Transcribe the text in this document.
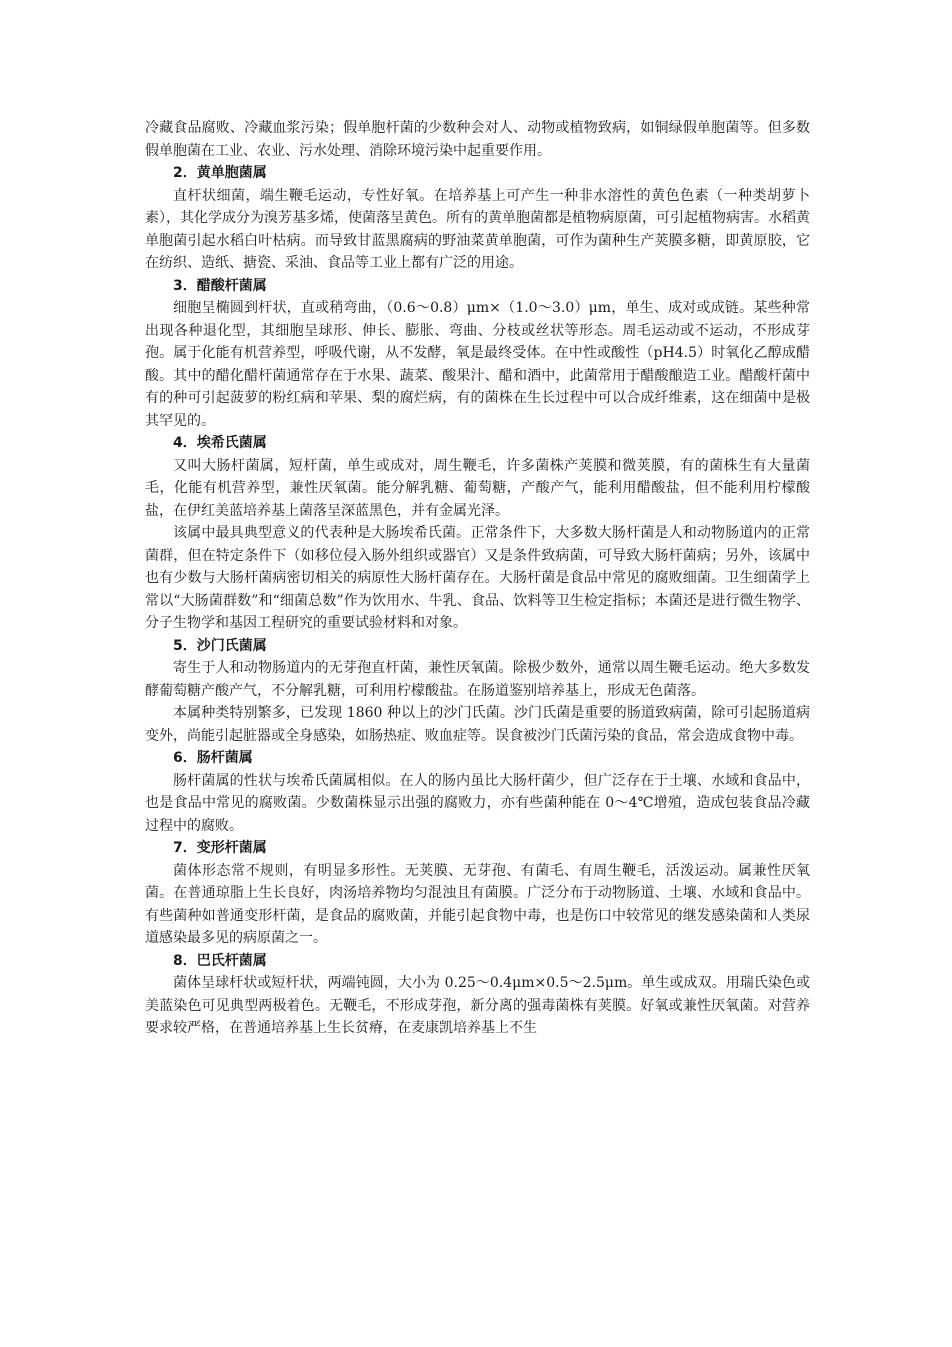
冷藏食品腐败、冷藏血浆污染；假单胞杆菌的少数种会对人、动物或植物致病，如铜绿假单胞菌等。但多数假单胞菌在工业、农业、污水处理、消除环境污染中起重要作用。

2．黄单胞菌属

直杆状细菌，端生鞭毛运动，专性好氧。在培养基上可产生一种非水溶性的黄色色素（一种类胡萝卜素），其化学成分为溴芳基多烯，使菌落呈黄色。所有的黄单胞菌都是植物病原菌，可引起植物病害。水稻黄单胞菌引起水稻白叶枯病。而导致甘蓝黑腐病的野油菜黄单胞菌，可作为菌种生产荚膜多糖，即黄原胶，它在纺织、造纸、搪瓷、采油、食品等工业上都有广泛的用途。

3．醋酸杆菌属

细胞呈椭圆到杆状，直或稍弯曲，（0.6～0.8）μm×（1.0～3.0）μm，单生、成对或成链。某些种常出现各种退化型，其细胞呈球形、伸长、膨胀、弯曲、分枝或丝状等形态。周毛运动或不运动，不形成芽孢。属于化能有机营养型，呼吸代谢，从不发酵，氧是最终受体。在中性或酸性（pH4.5）时氧化乙醇成醋酸。其中的醋化醋杆菌通常存在于水果、蔬菜、酸果汁、醋和酒中，此菌常用于醋酸酿造工业。醋酸杆菌中有的种可引起菠萝的粉红病和苹果、梨的腐烂病，有的菌株在生长过程中可以合成纤维素，这在细菌中是极其罕见的。

4．埃希氏菌属

又叫大肠杆菌属，短杆菌，单生或成对，周生鞭毛，许多菌株产荚膜和微荚膜，有的菌株生有大量菌毛，化能有机营养型，兼性厌氧菌。能分解乳糖、葡萄糖，产酸产气，能利用醋酸盐，但不能利用柠檬酸盐，在伊红美蓝培养基上菌落呈深蓝黑色，并有金属光泽。

该属中最具典型意义的代表种是大肠埃希氏菌。正常条件下，大多数大肠杆菌是人和动物肠道内的正常菌群，但在特定条件下（如移位侵入肠外组织或器官）又是条件致病菌，可导致大肠杆菌病；另外，该属中也有少数与大肠杆菌病密切相关的病原性大肠杆菌存在。大肠杆菌是食品中常见的腐败细菌。卫生细菌学上常以“大肠菌群数”和“细菌总数”作为饮用水、牛乳、食品、饮料等卫生检定指标；本菌还是进行微生物学、分子生物学和基因工程研究的重要试验材料和对象。

5．沙门氏菌属

寄生于人和动物肠道内的无芽孢直杆菌，兼性厌氧菌。除极少数外，通常以周生鞭毛运动。绝大多数发酵葡萄糖产酸产气，不分解乳糖，可利用柠檬酸盐。在肠道鉴别培养基上，形成无色菌落。

本属种类特别繁多，已发现 1860 种以上的沙门氏菌。沙门氏菌是重要的肠道致病菌，除可引起肠道病变外，尚能引起脏器或全身感染，如肠热症、败血症等。误食被沙门氏菌污染的食品，常会造成食物中毒。

6．肠杆菌属

肠杆菌属的性状与埃希氏菌属相似。在人的肠内虽比大肠杆菌少，但广泛存在于土壤、水域和食品中，也是食品中常见的腐败菌。少数菌株显示出强的腐败力，亦有些菌种能在 0～4℃增殖，造成包装食品冷藏过程中的腐败。

7．变形杆菌属

菌体形态常不规则，有明显多形性。无荚膜、无芽孢、有菌毛、有周生鞭毛，活泼运动。属兼性厌氧菌。在普通琼脂上生长良好，肉汤培养物均匀混浊且有菌膜。广泛分布于动物肠道、土壤、水域和食品中。有些菌种如普通变形杆菌，是食品的腐败菌，并能引起食物中毒，也是伤口中较常见的继发感染菌和人类尿道感染最多见的病原菌之一。

8．巴氏杆菌属

菌体呈球杆状或短杆状，两端钝圆，大小为 0.25～0.4μm×0.5～2.5μm。单生或成双。用瑞氏染色或美蓝染色可见典型两极着色。无鞭毛，不形成芽孢，新分离的强毒菌株有荚膜。好氧或兼性厌氧菌。对营养要求较严格，在普通培养基上生长贫瘠，在麦康凯培养基上不生
